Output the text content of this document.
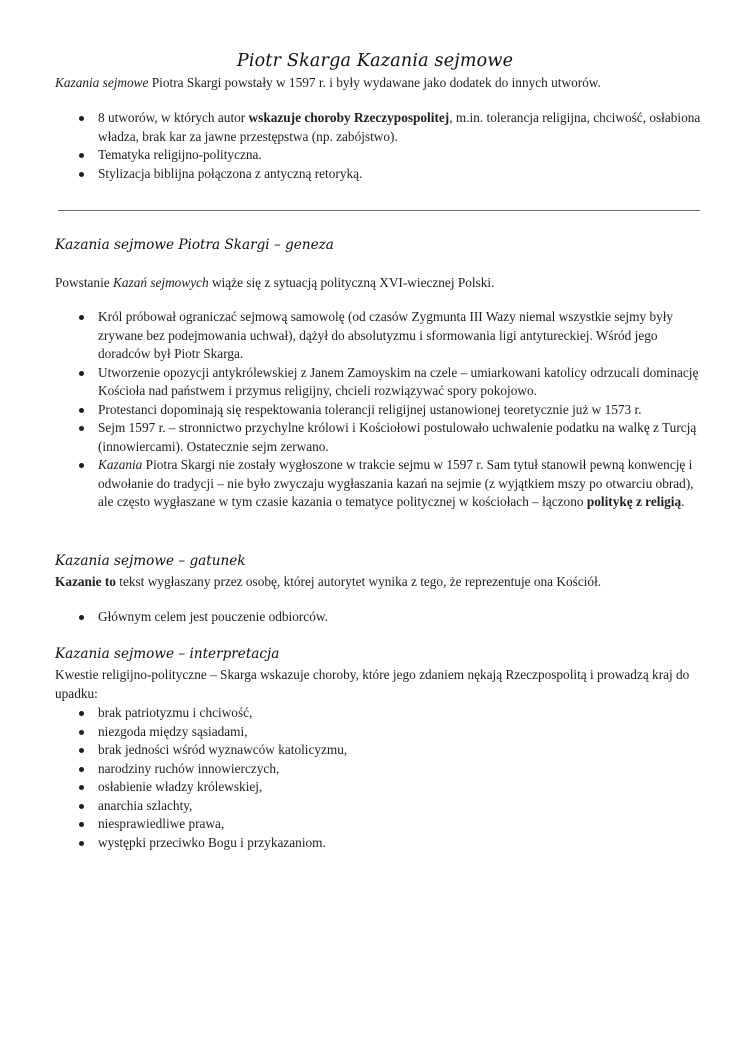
Piotr Skarga Kazania sejmowe

Kazania sejmowe Piotra Skargi powstały w 1597 r. i były wydawane jako dodatek do innych utworów.

8 utworów, w których autor wskazuje choroby Rzeczypospolitej, m.in. tolerancja religijna, chciwość, osłabiona władza, brak kar za jawne przestępstwa (np. zabójstwo).
Tematyka religijno-polityczna.
Stylizacja biblijna połączona z antyczną retoryką.
Kazania sejmowe Piotra Skargi – geneza

Powstanie Kazań sejmowych wiąże się z sytuacją polityczną XVI-wiecznej Polski.

Król próbował ograniczać sejmową samowolę (od czasów Zygmunta III Wazy niemal wszystkie sejmy były zrywane bez podejmowania uchwał), dążył do absolutyzmu i sformowania ligi antytureckiej. Wśród jego doradców był Piotr Skarga.
Utworzenie opozycji antykrólewskiej z Janem Zamoyskim na czele – umiarkowani katolicy odrzucali dominację Kościoła nad państwem i przymus religijny, chcieli rozwiązywać spory pokojowo.
Protestanci dopominają się respektowania tolerancji religijnej ustanowionej teoretycznie już w 1573 r.
Sejm 1597 r. – stronnictwo przychylne królowi i Kościołowi postulowało uchwalenie podatku na walkę z Turcją (innowiercami). Ostatecznie sejm zerwano.
Kazania Piotra Skargi nie zostały wygłoszone w trakcie sejmu w 1597 r. Sam tytuł stanowił pewną konwencję i odwołanie do tradycji – nie było zwyczaju wygłaszania kazań na sejmie (z wyjątkiem mszy po otwarciu obrad), ale często wygłaszane w tym czasie kazania o tematyce politycznej w kościołach – łączono politykę z religią.
Kazania sejmowe – gatunek

Kazanie to tekst wygłaszany przez osobę, której autorytet wynika z tego, że reprezentuje ona Kościół.

Głównym celem jest pouczenie odbiorców.
Kazania sejmowe – interpretacja

Kwestie religijno-polityczne – Skarga wskazuje choroby, które jego zdaniem nękają Rzeczpospolitą i prowadzą kraj do upadku:

brak patriotyzmu i chciwość,
niezgoda między sąsiadami,
brak jedności wśród wyznawców katolicyzmu,
narodziny ruchów innowierczych,
osłabienie władzy królewskiej,
anarchia szlachty,
niesprawiedliwe prawa,
występki przeciwko Bogu i przykazaniom.
